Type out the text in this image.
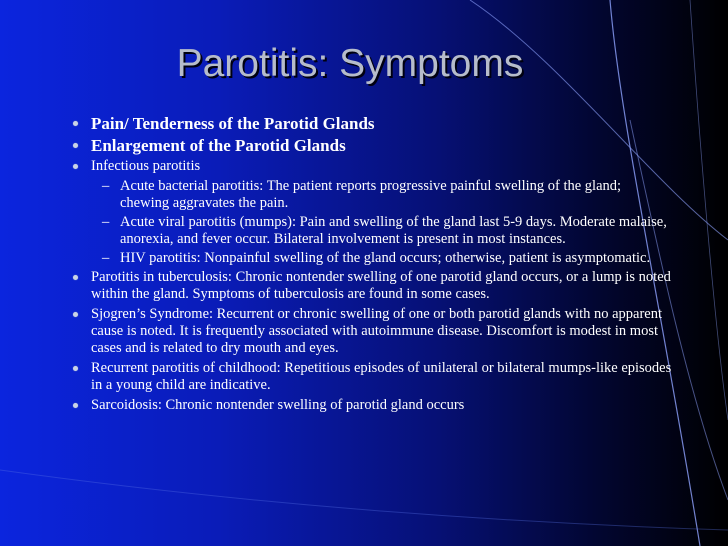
Parotitis: Symptoms
Pain/ Tenderness of the Parotid Glands
Enlargement of the Parotid Glands
Infectious parotitis
– Acute bacterial parotitis: The patient reports progressive painful swelling of the gland; chewing aggravates the pain.
– Acute viral parotitis (mumps): Pain and swelling of the gland last 5-9 days. Moderate malaise, anorexia, and fever occur. Bilateral involvement is present in most instances.
– HIV parotitis: Nonpainful swelling of the gland occurs; otherwise, patient is asymptomatic.
Parotitis in tuberculosis: Chronic nontender swelling of one parotid gland occurs, or a lump is noted within the gland. Symptoms of tuberculosis are found in some cases.
Sjogren’s Syndrome: Recurrent or chronic swelling of one or both parotid glands with no apparent cause is noted. It is frequently associated with autoimmune disease. Discomfort is modest in most cases and is related to dry mouth and eyes.
Recurrent parotitis of childhood: Repetitious episodes of unilateral or bilateral mumps-like episodes in a young child are indicative.
Sarcoidosis: Chronic nontender swelling of parotid gland occurs
